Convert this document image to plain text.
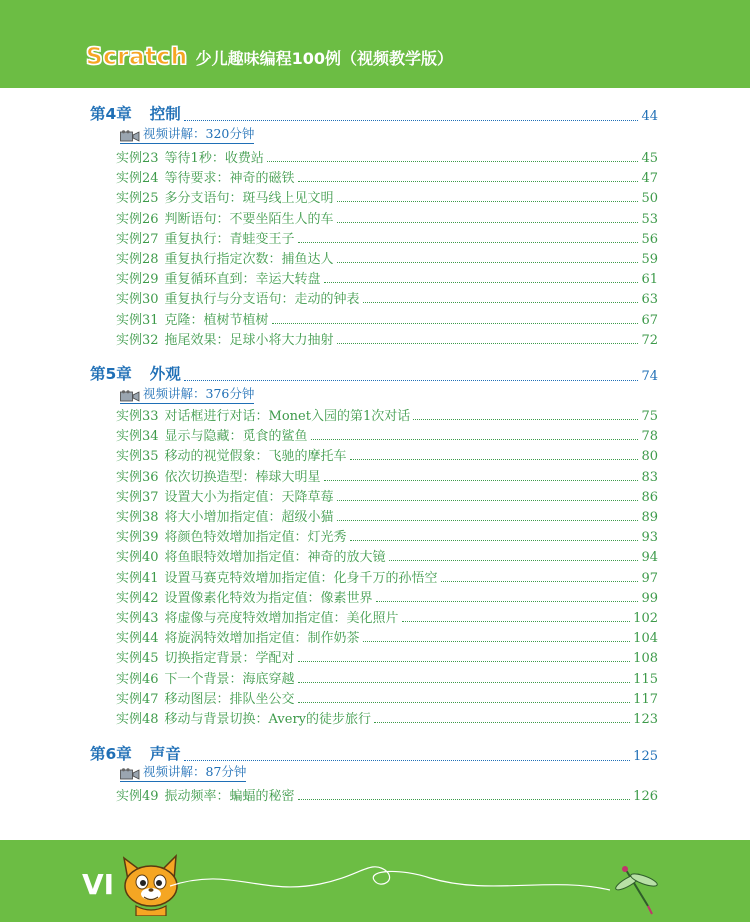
Scratch 少儿趣味编程100例（视频教学版）
第4章 控制	44
视频讲解：320分钟
实例23 等待1秒：收费站	45
实例24 等待要求：神奇的磁铁	47
实例25 多分支语句：斑马线上见文明	50
实例26 判断语句：不要坐陌生人的车	53
实例27 重复执行：青蛙变王子	56
实例28 重复执行指定次数：捕鱼达人	59
实例29 重复循环直到：幸运大转盘	61
实例30 重复执行与分支语句：走动的钟表	63
实例31 克隆：植树节植树	67
实例32 拖尾效果：足球小将大力抽射	72
第5章 外观	74
视频讲解：376分钟
实例33 对话框进行对话：Monet入园的第1次对话	75
实例34 显示与隐藏：觅食的鲨鱼	78
实例35 移动的视觉假象：飞驰的摩托车	80
实例36 依次切换造型：棒球大明星	83
实例37 设置大小为指定值：天降草莓	86
实例38 将大小增加指定值：超级小猫	89
实例39 将颜色特效增加指定值：灯光秀	93
实例40 将鱼眼特效增加指定值：神奇的放大镜	94
实例41 设置马赛克特效增加指定值：化身千万的孙悟空	97
实例42 设置像素化特效为指定值：像素世界	99
实例43 将虚像与亮度特效增加指定值：美化照片	102
实例44 将旋涡特效增加指定值：制作奶茶	104
实例45 切换指定背景：学配对	108
实例46 下一个背景：海底穿越	115
实例47 移动图层：排队坐公交	117
实例48 移动与背景切换：Avery的徒步旅行	123
第6章 声音	125
视频讲解：87分钟
实例49 振动频率：蝙蝠的秘密	126
VI
